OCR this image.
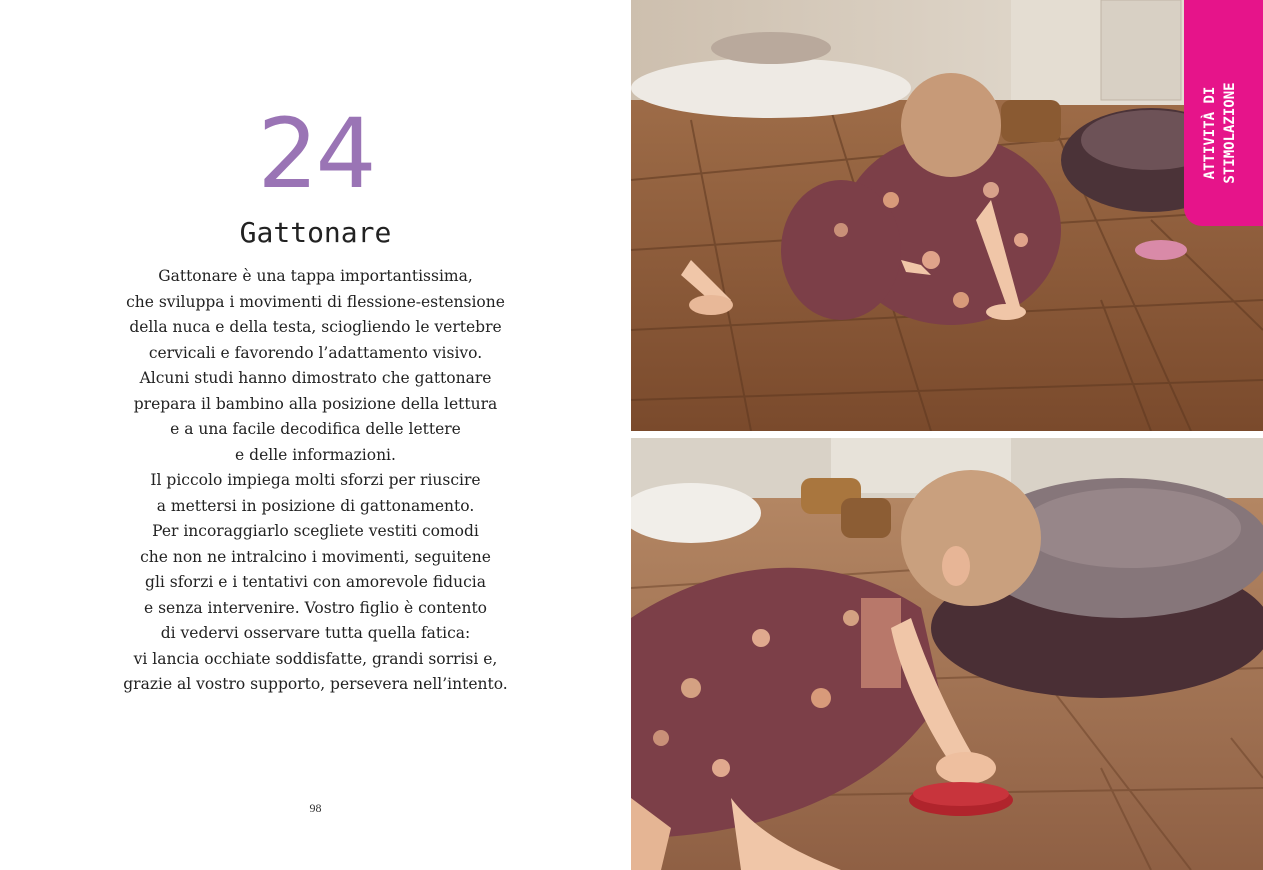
24
Gattonare
Gattonare è una tappa importantissima,
che sviluppa i movimenti di flessione-estensione
della nuca e della testa, sciogliendo le vertebre
cervicali e favorendo l’adattamento visivo.
Alcuni studi hanno dimostrato che gattonare
prepara il bambino alla posizione della lettura
e a una facile decodifica delle lettere
e delle informazioni.
Il piccolo impiega molti sforzi per riuscire
a mettersi in posizione di gattonamento.
Per incoraggiarlo scegliete vestiti comodi
che non ne intralcino i movimenti, seguitene
gli sforzi e i tentativi con amorevole fiducia
e senza intervenire. Vostro figlio è contento
di vedervi osservare tutta quella fatica:
vi lancia occhiate soddisfatte, grandi sorrisi e,
grazie al vostro supporto, persevera nell’intento.
98
ATTIVITÀ DI STIMOLAZIONE
